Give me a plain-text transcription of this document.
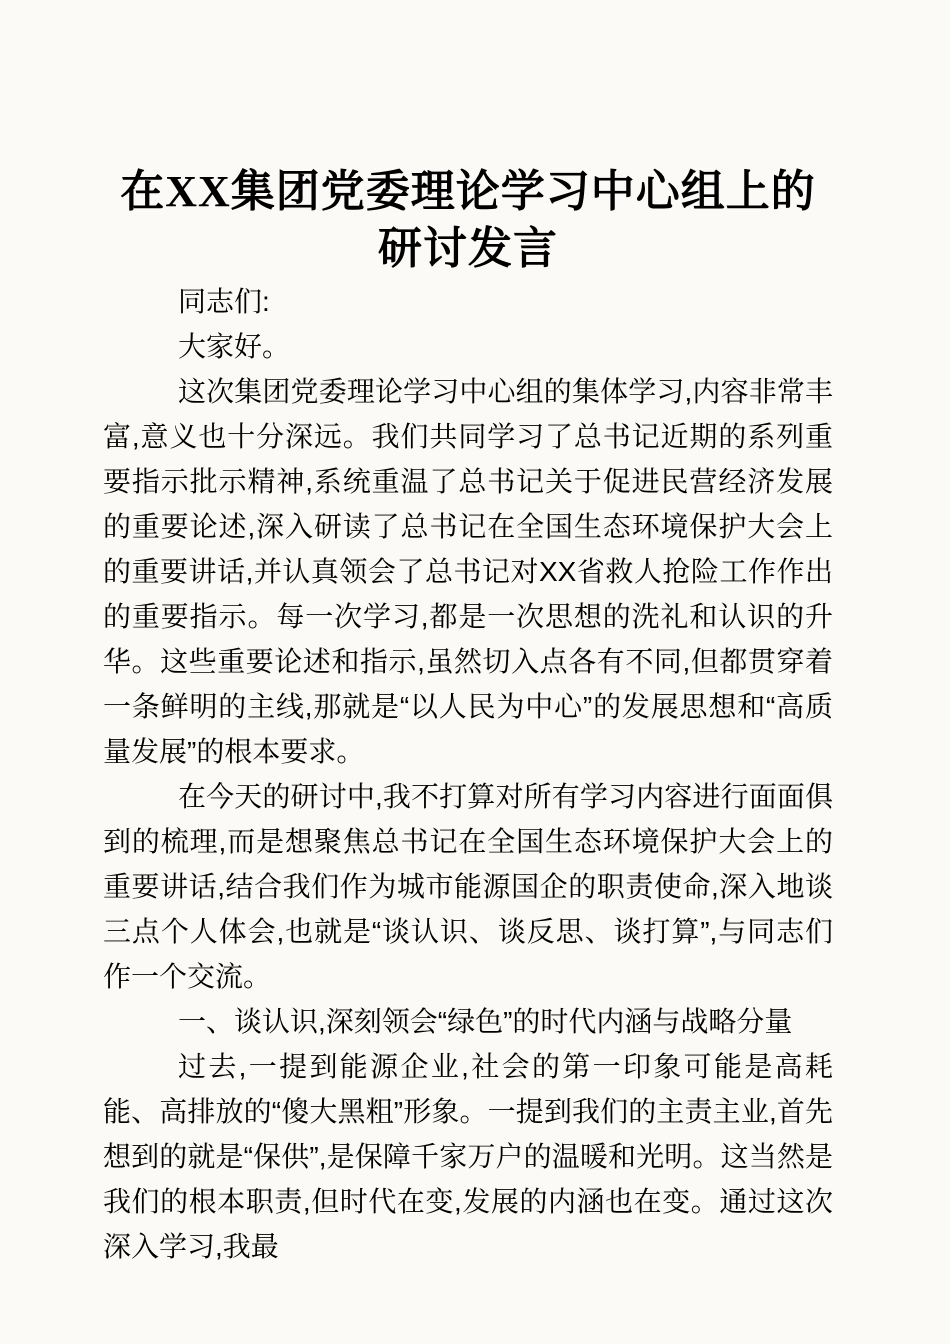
在XX集团党委理论学习中心组上的研讨发言

同志们:

大家好。

这次集团党委理论学习中心组的集体学习,内容非常丰富,意义也十分深远。我们共同学习了总书记近期的系列重要指示批示精神,系统重温了总书记关于促进民营经济发展的重要论述,深入研读了总书记在全国生态环境保护大会上的重要讲话,并认真领会了总书记对XX省救人抢险工作作出的重要指示。每一次学习,都是一次思想的洗礼和认识的升华。这些重要论述和指示,虽然切入点各有不同,但都贯穿着一条鲜明的主线,那就是“以人民为中心”的发展思想和“高质量发展”的根本要求。

在今天的研讨中,我不打算对所有学习内容进行面面俱到的梳理,而是想聚焦总书记在全国生态环境保护大会上的重要讲话,结合我们作为城市能源国企的职责使命,深入地谈三点个人体会,也就是“谈认识、谈反思、谈打算”,与同志们作一个交流。

一、谈认识,深刻领会“绿色”的时代内涵与战略分量

过去,一提到能源企业,社会的第一印象可能是高耗能、高排放的“傻大黑粗”形象。一提到我们的主责主业,首先想到的就是“保供”,是保障千家万户的温暖和光明。这当然是我们的根本职责,但时代在变,发展的内涵也在变。通过这次深入学习,我最
